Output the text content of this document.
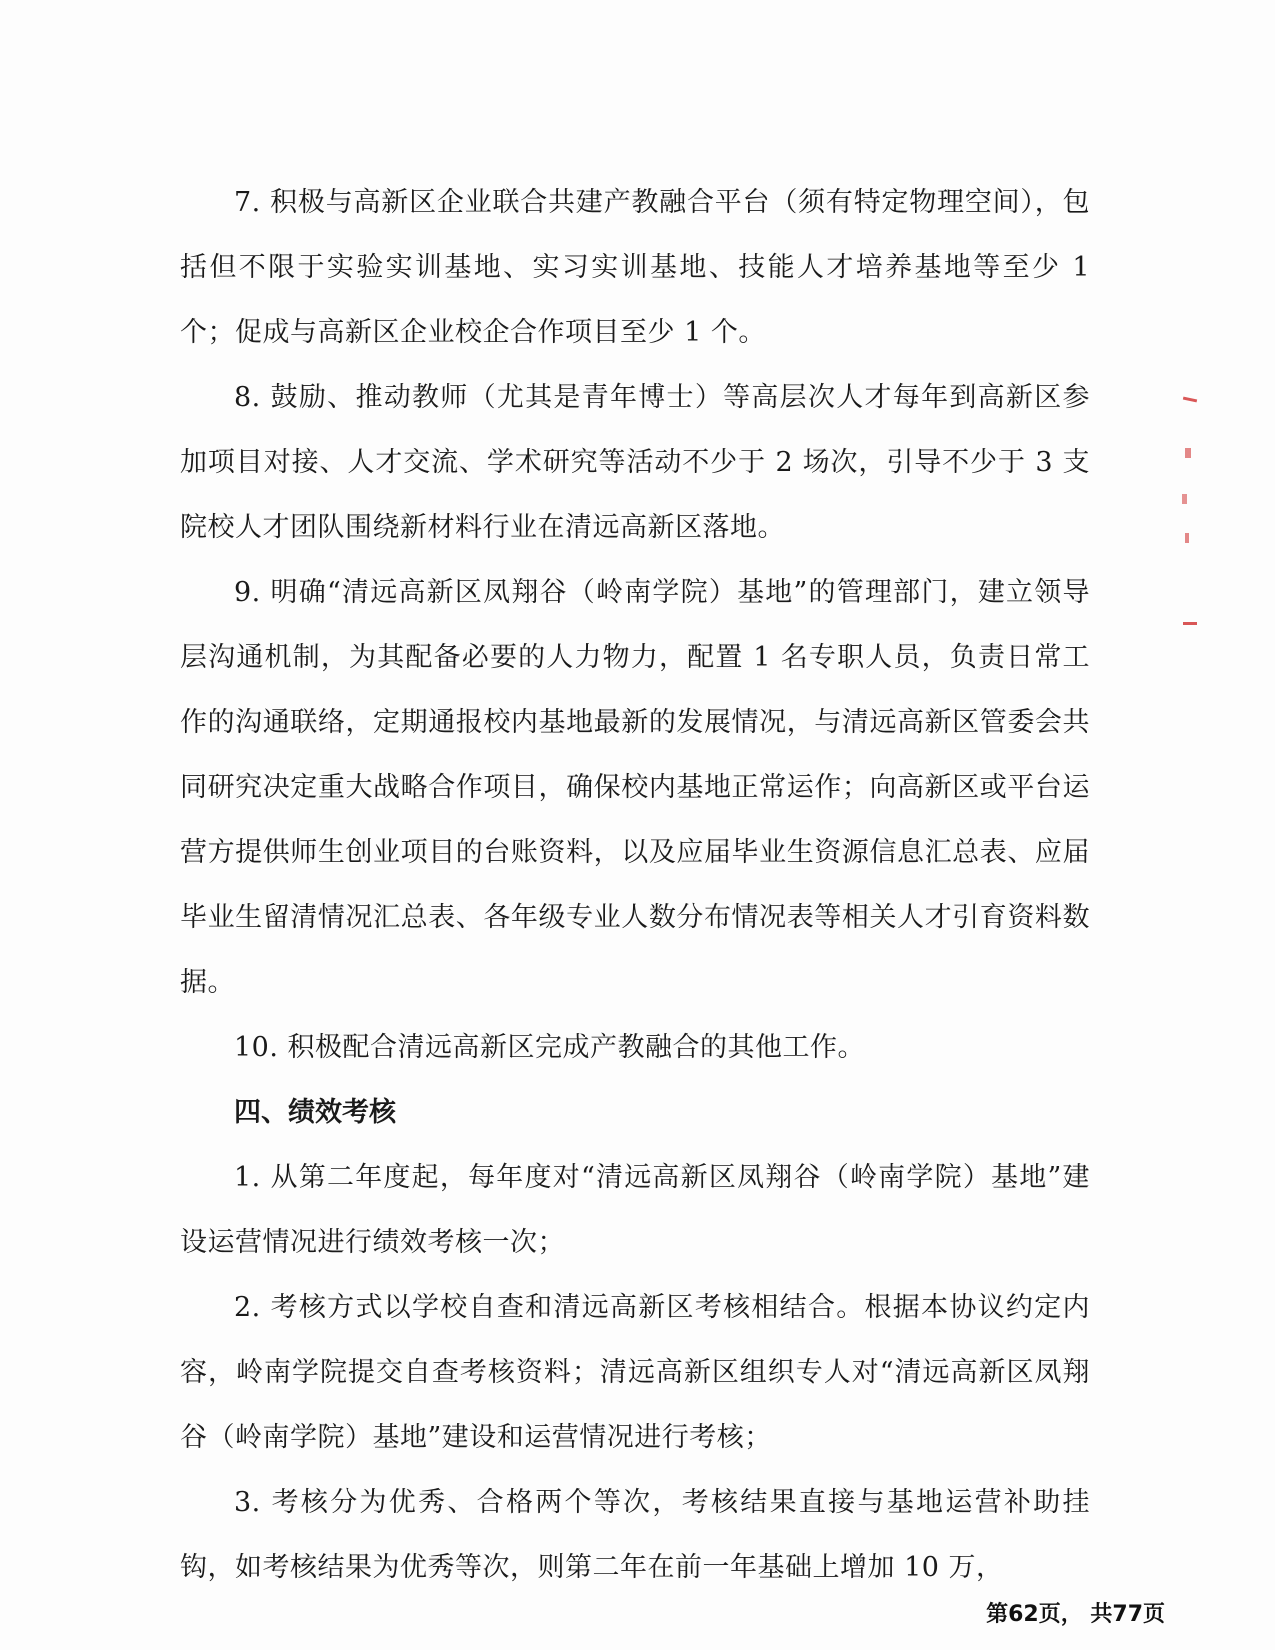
7. 积极与高新区企业联合共建产教融合平台（须有特定物理空间），包括但不限于实验实训基地、实习实训基地、技能人才培养基地等至少 1 个；促成与高新区企业校企合作项目至少 1 个。

8. 鼓励、推动教师（尤其是青年博士）等高层次人才每年到高新区参加项目对接、人才交流、学术研究等活动不少于 2 场次，引导不少于 3 支院校人才团队围绕新材料行业在清远高新区落地。

9. 明确“清远高新区凤翔谷（岭南学院）基地”的管理部门，建立领导层沟通机制，为其配备必要的人力物力，配置 1 名专职人员，负责日常工作的沟通联络，定期通报校内基地最新的发展情况，与清远高新区管委会共同研究决定重大战略合作项目，确保校内基地正常运作；向高新区或平台运营方提供师生创业项目的台账资料，以及应届毕业生资源信息汇总表、应届毕业生留清情况汇总表、各年级专业人数分布情况表等相关人才引育资料数据。

10. 积极配合清远高新区完成产教融合的其他工作。

四、绩效考核

1. 从第二年度起，每年度对“清远高新区凤翔谷（岭南学院）基地”建设运营情况进行绩效考核一次；

2. 考核方式以学校自查和清远高新区考核相结合。根据本协议约定内容，岭南学院提交自查考核资料；清远高新区组织专人对“清远高新区凤翔谷（岭南学院）基地”建设和运营情况进行考核；

3. 考核分为优秀、合格两个等次，考核结果直接与基地运营补助挂钩，如考核结果为优秀等次，则第二年在前一年基础上增加 10 万，

第62页， 共77页
